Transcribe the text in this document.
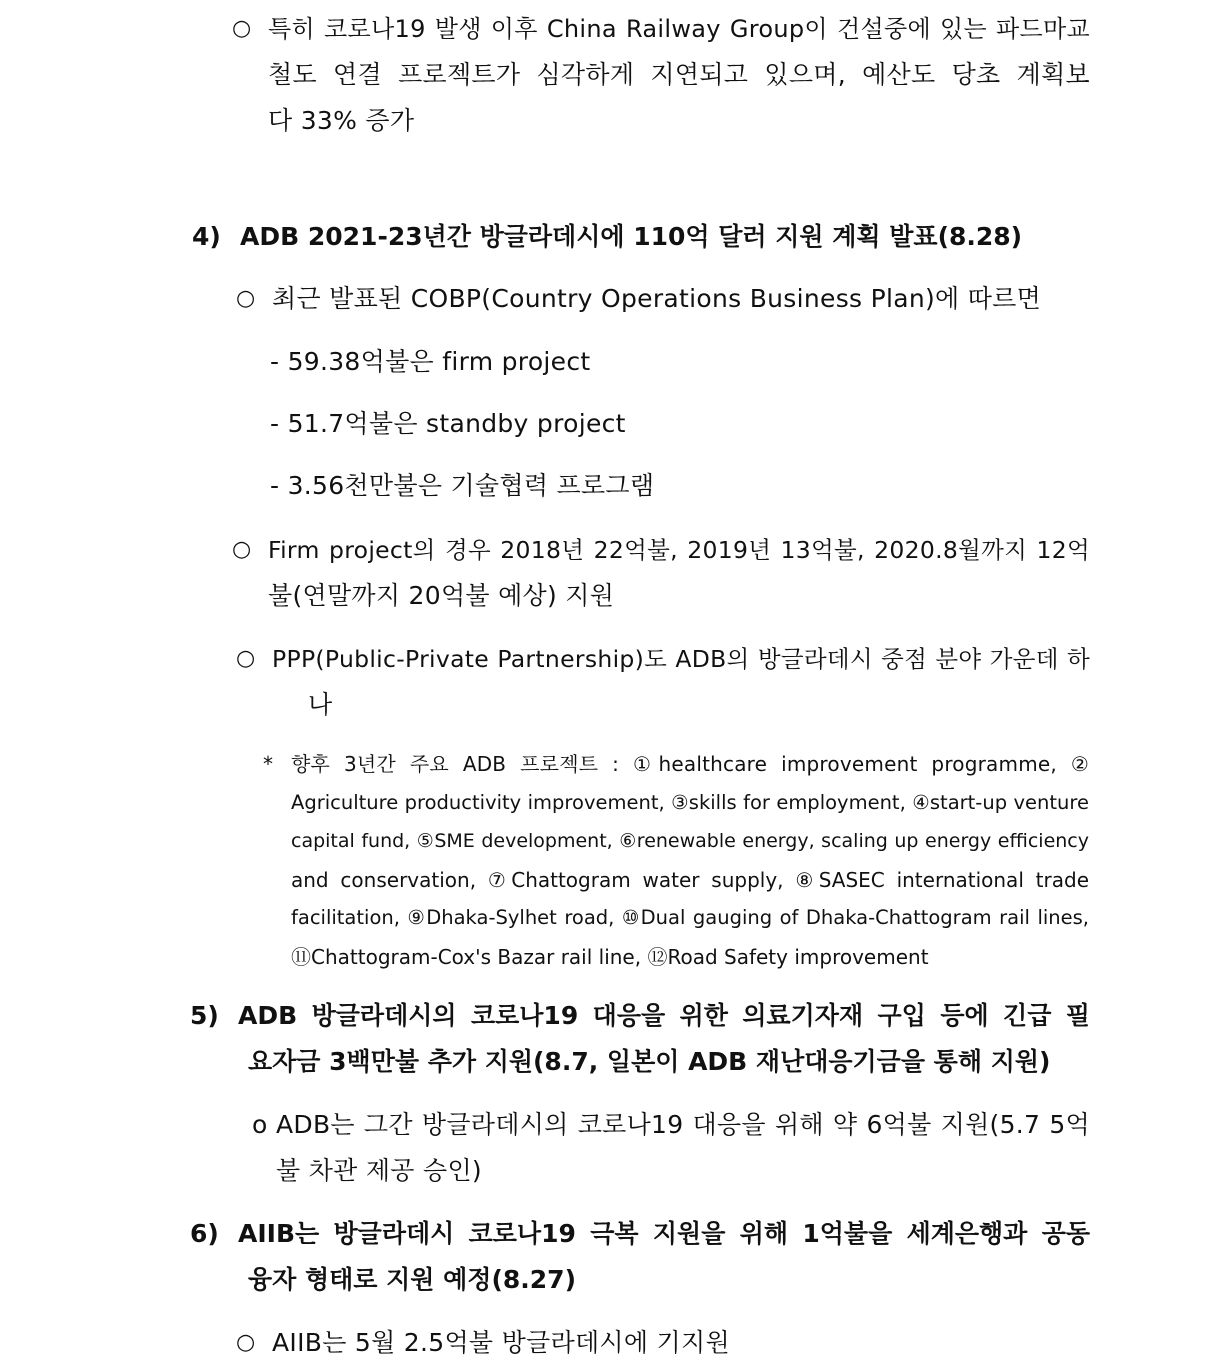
○ 특히 코로나19 발생 이후 China Railway Group이 건설중에 있는 파드마교
철도 연결 프로젝트가 심각하게 지연되고 있으며, 예산도 당초 계획보
다 33% 증가
4) ADB 2021-23년간 방글라데시에 110억 달러 지원 계획 발표(8.28)
○ 최근 발표된 COBP(Country Operations Business Plan)에 따르면
- 59.38억불은 firm project
- 51.7억불은 standby project
- 3.56천만불은 기술협력 프로그램
○ Firm project의 경우 2018년 22억불, 2019년 13억불, 2020.8월까지 12억
불(연말까지 20억불 예상) 지원
○ PPP(Public-Private Partnership)도 ADB의 방글라데시 중점 분야 가운데 하
나
* 향후 3년간 주요 ADB 프로젝트 : ①healthcare improvement programme, ②
Agriculture productivity improvement, ③skills for employment, ④start-up venture
capital fund, ⑤SME development, ⑥renewable energy, scaling up energy efficiency
and conservation, ⑦Chattogram water supply, ⑧SASEC international trade
facilitation, ⑨Dhaka-Sylhet road, ⑩Dual gauging of Dhaka-Chattogram rail lines,
⑪Chattogram-Cox's Bazar rail line, ⑫Road Safety improvement
5) ADB 방글라데시의 코로나19 대응을 위한 의료기자재 구입 등에 긴급 필
요자금 3백만불 추가 지원(8.7, 일본이 ADB 재난대응기금을 통해 지원)
o ADB는 그간 방글라데시의 코로나19 대응을 위해 약 6억불 지원(5.7 5억
불 차관 제공 승인)
6) AIIB는 방글라데시 코로나19 극복 지원을 위해 1억불을 세계은행과 공동
융자 형태로 지원 예정(8.27)
○ AIIB는 5월 2.5억불 방글라데시에 기지원
